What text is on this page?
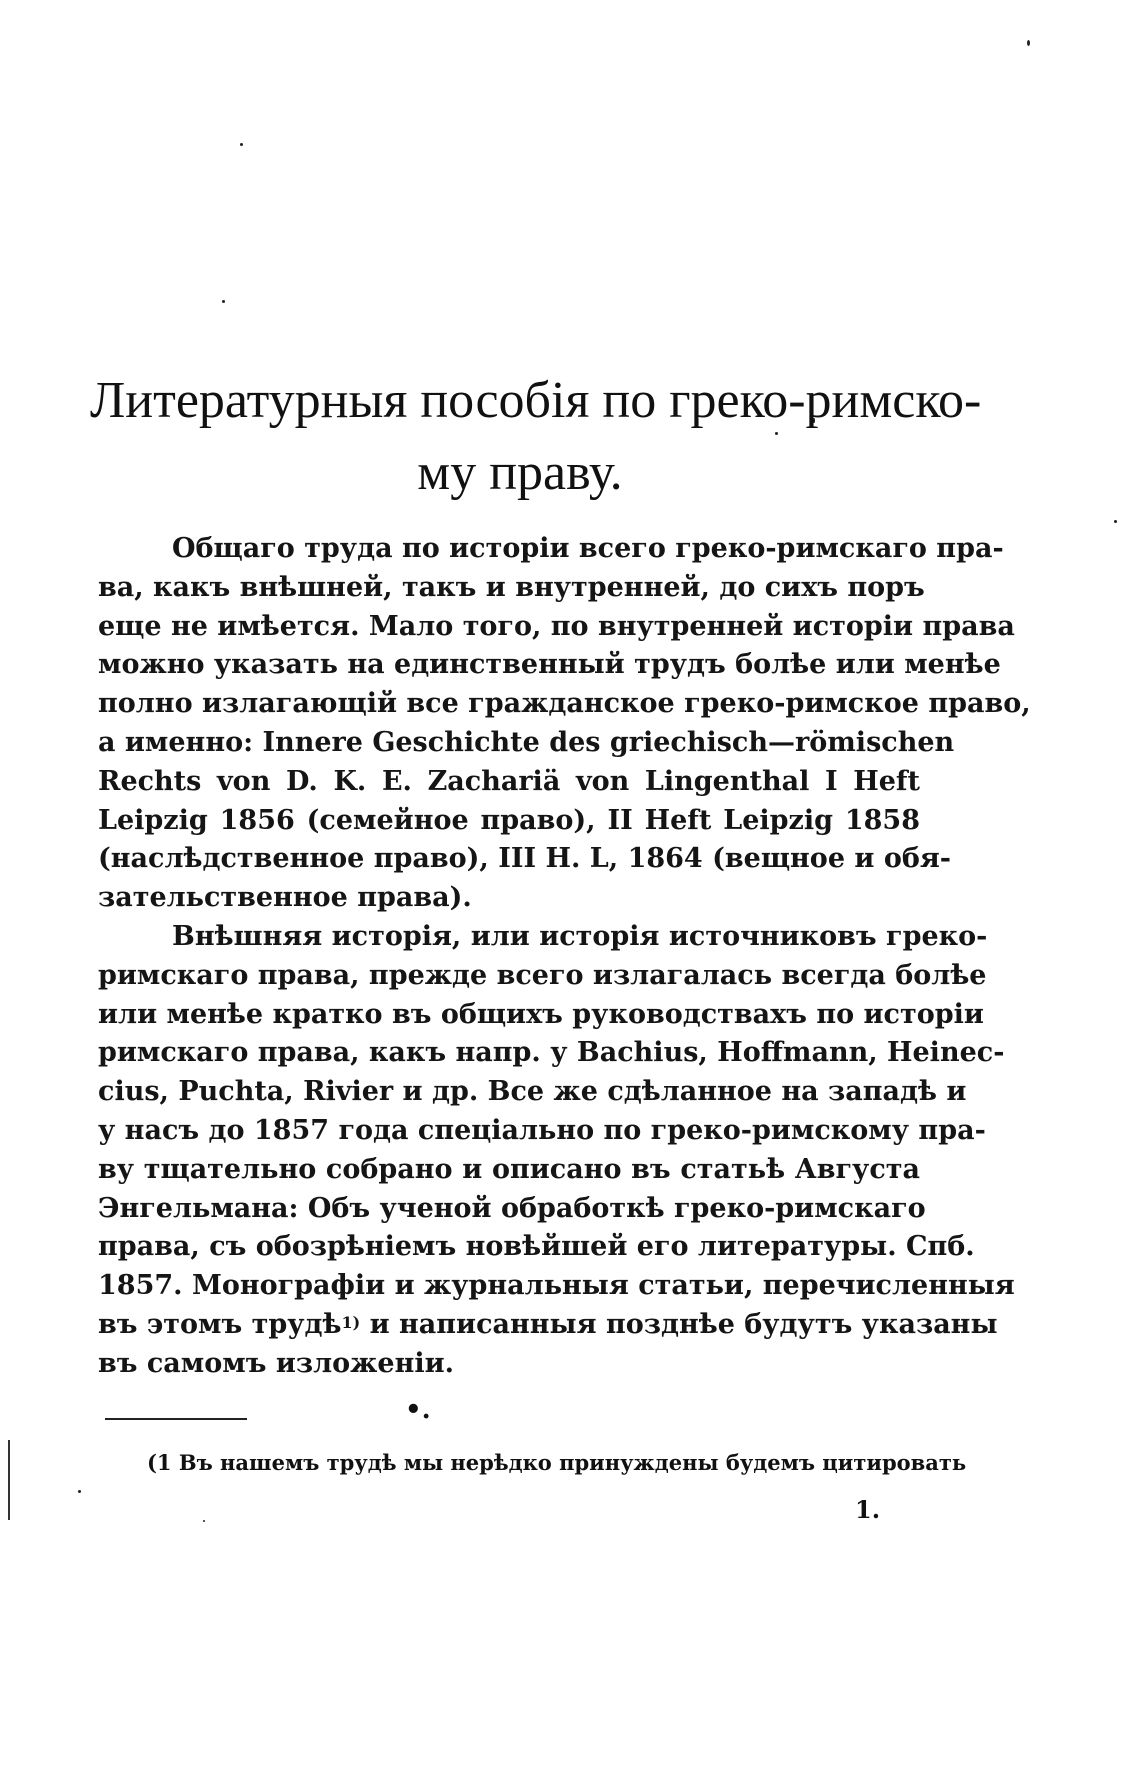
Литературныя пособія по греко-римско-
му праву.
Общаго труда по исторіи всего греко-римскаго пра-
ва, какъ внѣшней, такъ и внутренней, до сихъ поръ
еще не имѣется. Мало того, по внутренней исторіи права
можно указать на единственный трудъ болѣе или менѣе
полно излагающій все гражданское греко-римское право,
а именно: Innere Geschichte des griechisch—römischen
Rechts von D. K. E. Zachariä von Lingenthal I Heft
Leipzig 1856 (семейное право), II Heft Leipzig 1858
(наслѣдственное право), III H. L, 1864 (вещное и обя-
зательственное права).
Внѣшняя исторія, или исторія источниковъ греко-
римскаго права, прежде всего излагалась всегда болѣе
или менѣе кратко въ общихъ руководствахъ по исторіи
римскаго права, какъ напр. у Bachius, Hoffmann, Heinec-
cius, Puchta, Rivier и др. Все же сдѣланное на западѣ и
у насъ до 1857 года спеціально по греко-римскому пра-
ву тщательно собрано и описано въ статьѣ Августа
Энгельмана: Объ ученой обработкѣ греко-римскаго
права, съ обозрѣніемъ новѣйшей его литературы. Спб.
1857. Монографіи и журнальныя статьи, перечисленныя
въ этомъ трудѣ$^{1)}$ и написанныя позднѣе будутъ указаны
въ самомъ изложеніи.
•.
(1 Въ нашемъ трудѣ мы нерѣдко принуждены будемъ цитировать
1.
